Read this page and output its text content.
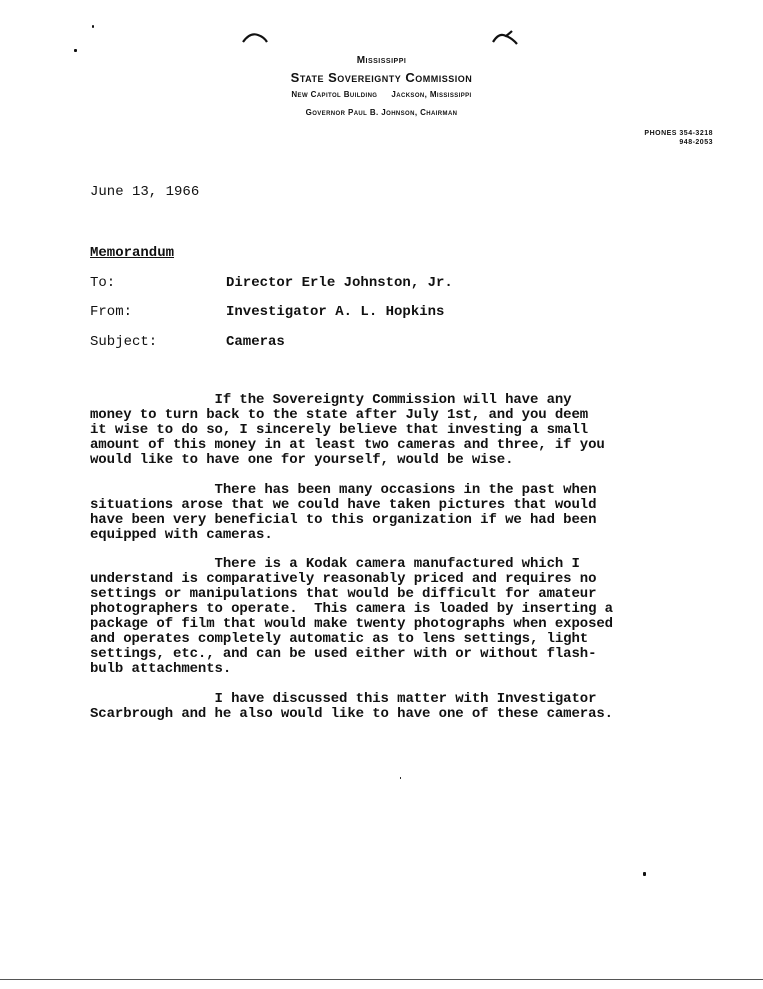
Mississippi
State Sovereignty Commission
New Capitol Building Jackson, Mississippi
Governor Paul B. Johnson, Chairman
PHONES 354-3218
948-2053
June 13, 1966
Memorandum
To:	Director Erle Johnston, Jr.
From:	Investigator A. L. Hopkins
Subject:	Cameras
If the Sovereignty Commission will have any
money to turn back to the state after July 1st, and you deem
it wise to do so, I sincerely believe that investing a small
amount of this money in at least two cameras and three, if you
would like to have one for yourself, would be wise.
There has been many occasions in the past when
situations arose that we could have taken pictures that would
have been very beneficial to this organization if we had been
equipped with cameras.
There is a Kodak camera manufactured which I
understand is comparatively reasonably priced and requires no
settings or manipulations that would be difficult for amateur
photographers to operate.  This camera is loaded by inserting a
package of film that would make twenty photographs when exposed
and operates completely automatic as to lens settings, light
settings, etc., and can be used either with or without flash-
bulb attachments.
I have discussed this matter with Investigator
Scarbrough and he also would like to have one of these cameras.
